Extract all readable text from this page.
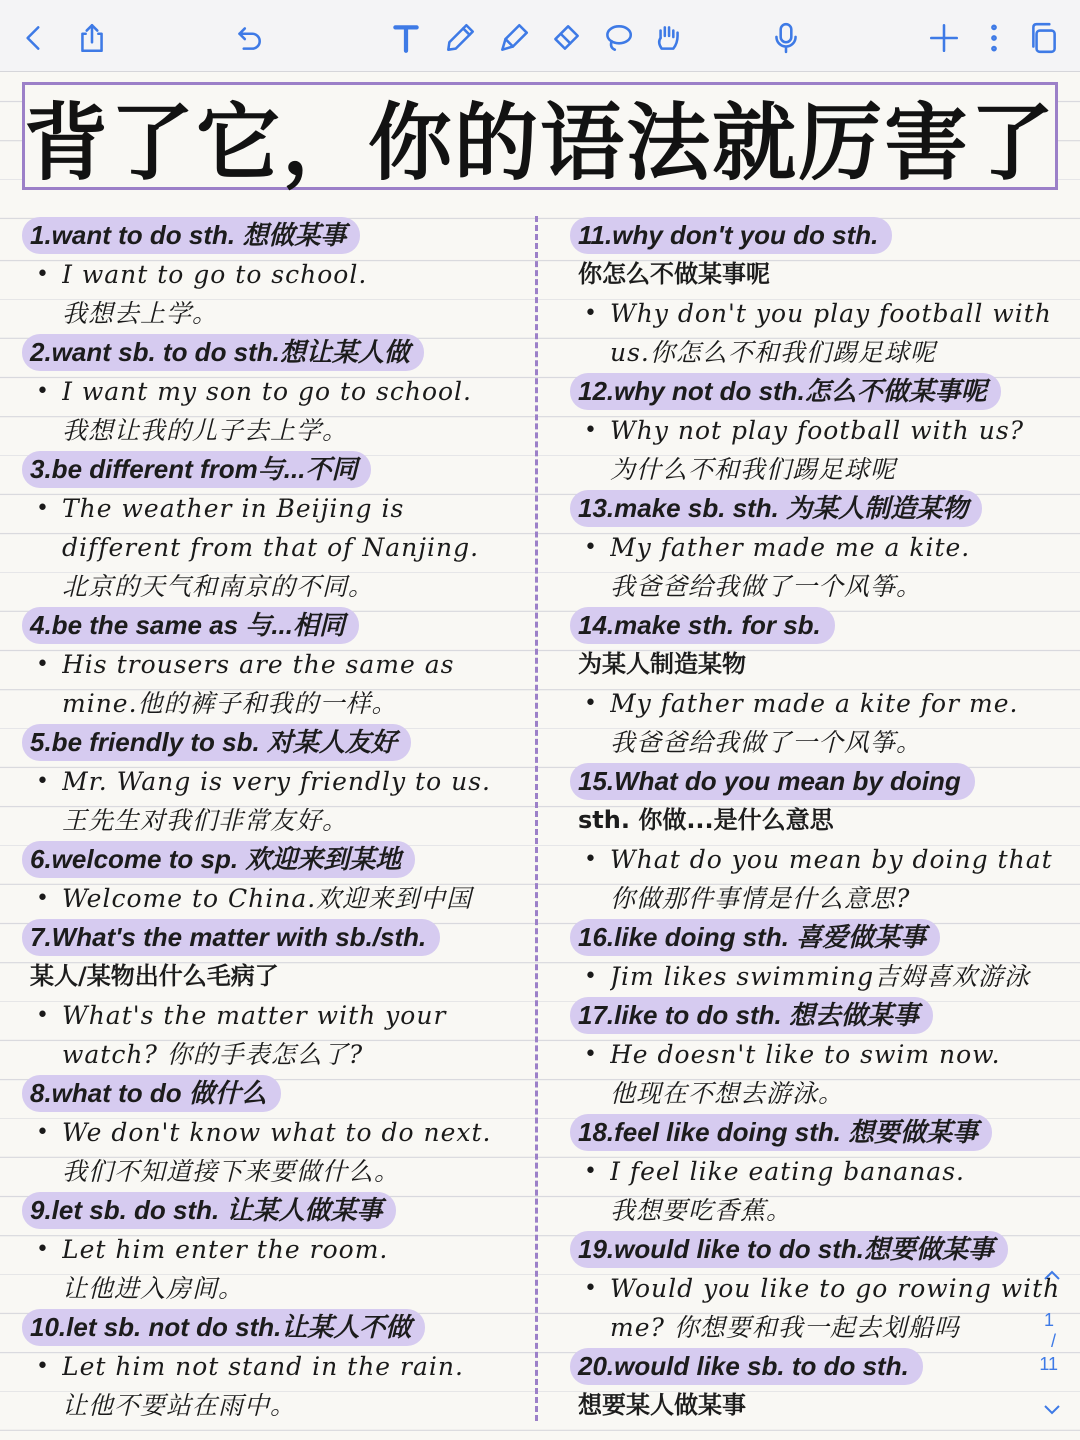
背了它，你的语法就厉害了
1.want to do sth. 想做某事
• I want to go to school.
我想去上学。
2.want sb. to do sth.想让某人做
• I want my son to go to school.
我想让我的儿子去上学。
3.be different from与...不同
• The weather in Beijing is
different from that of Nanjing.
北京的天气和南京的不同。
4.be the same as 与...相同
• His trousers are the same as
mine.他的裤子和我的一样。
5.be friendly to sb. 对某人友好
• Mr. Wang is very friendly to us.
王先生对我们非常友好。
6.welcome to sp. 欢迎来到某地
• Welcome to China.欢迎来到中国
7.What's the matter with sb./sth.
某人/某物出什么毛病了
• What's the matter with your
watch? 你的手表怎么了?
8.what to do 做什么
• We don't know what to do next.
我们不知道接下来要做什么。
9.let sb. do sth. 让某人做某事
• Let him enter the room.
让他进入房间。
10.let sb. not do sth.让某人不做
• Let him not stand in the rain.
让他不要站在雨中。
11.why don't you do sth.
你怎么不做某事呢
• Why don't you play football with
us.你怎么不和我们踢足球呢
12.why not do sth.怎么不做某事呢
• Why not play football with us?
为什么不和我们踢足球呢
13.make sb. sth. 为某人制造某物
• My father made me a kite.
我爸爸给我做了一个风筝。
14.make sth. for sb.
为某人制造某物
• My father made a kite for me.
我爸爸给我做了一个风筝。
15.What do you mean by doing
sth. 你做...是什么意思
• What do you mean by doing that
你做那件事情是什么意思?
16.like doing sth. 喜爱做某事
• Jim likes swimming吉姆喜欢游泳
17.like to do sth. 想去做某事
• He doesn't like to swim now.
他现在不想去游泳。
18.feel like doing sth. 想要做某事
• I feel like eating bananas.
我想要吃香蕉。
19.would like to do sth.想要做某事
• Would you like to go rowing with
me? 你想要和我一起去划船吗
20.would like sb. to do sth.
想要某人做某事
1
/
11
